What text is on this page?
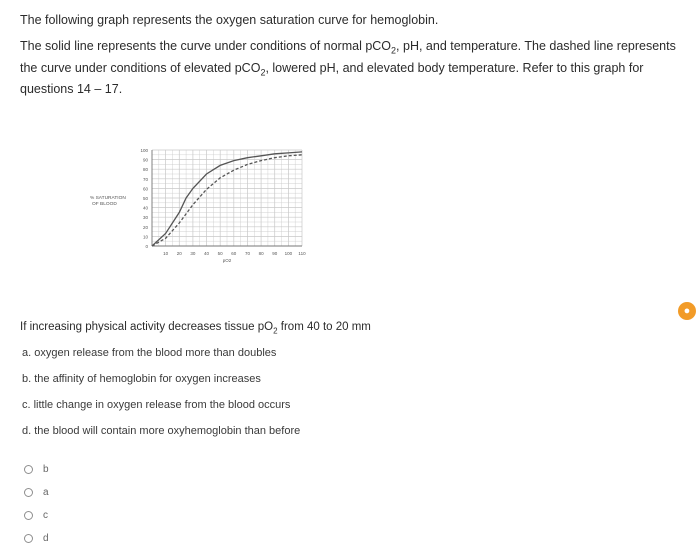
The following graph represents the oxygen saturation curve for hemoglobin.

The solid line represents the curve under conditions of normal pCO$_2$, pH, and temperature. The dashed line represents the curve under conditions of elevated pCO$_2$, lowered pH, and elevated body temperature. Refer to this graph for questions 14 – 17.

●
0
10
20
30
40
50
60
70
80
90
100
10 20 30 40 50 60 70 80 90 100 110
% SATURATION
OF BLOOD
pO2
If increasing physical activity decreases tissue $pO_2$ from 40 to 20 mm
a. oxygen release from the blood more than doubles
b. the affinity of hemoglobin for oxygen increases
c. little change in oxygen release from the blood occurs
d. the blood will contain more oxyhemoglobin than before
b
a
c
d
